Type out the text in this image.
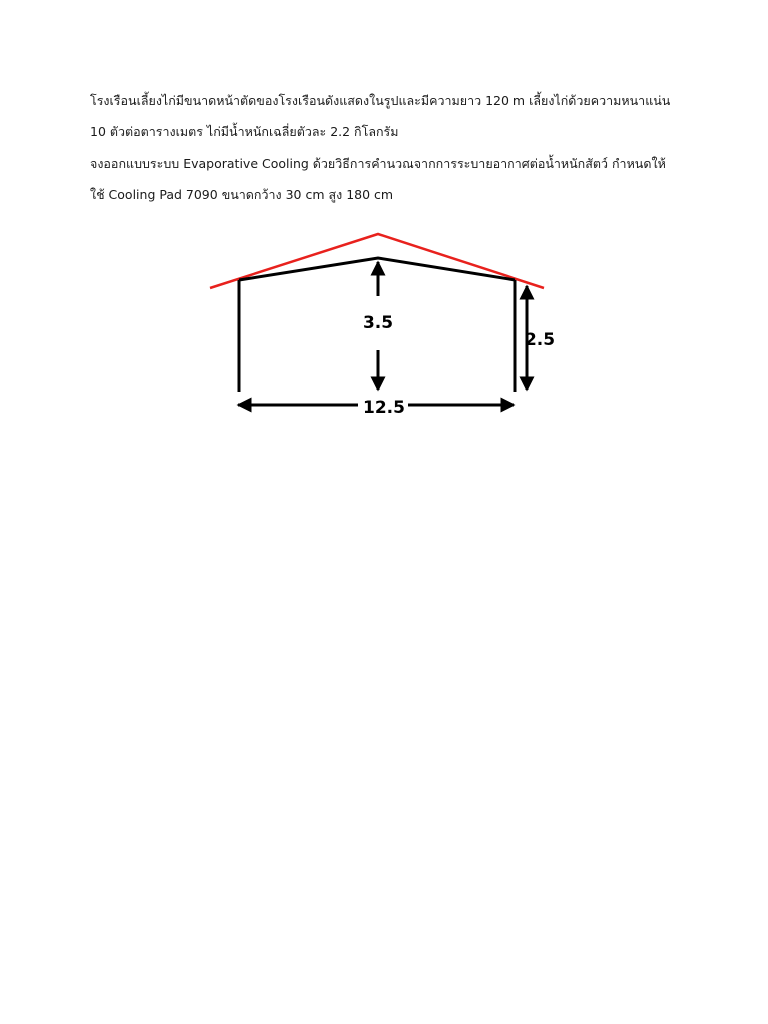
โรงเรือนเลี้ยงไก่มีขนาดหน้าตัดของโรงเรือนดังแสดงในรูปและมีความยาว 120 m เลี้ยงไก่ด้วยความหนาแน่น

10 ตัวต่อตารางเมตร ไก่มีน้ำหนักเฉลี่ยตัวละ 2.2 กิโลกรัม

จงออกแบบระบบ Evaporative Cooling ด้วยวิธีการคำนวณจากการระบายอากาศต่อน้ำหนักสัตว์ กำหนดให้

ใช้ Cooling Pad 7090 ขนาดกว้าง 30 cm สูง 180 cm

3.5
2.5
12.5
